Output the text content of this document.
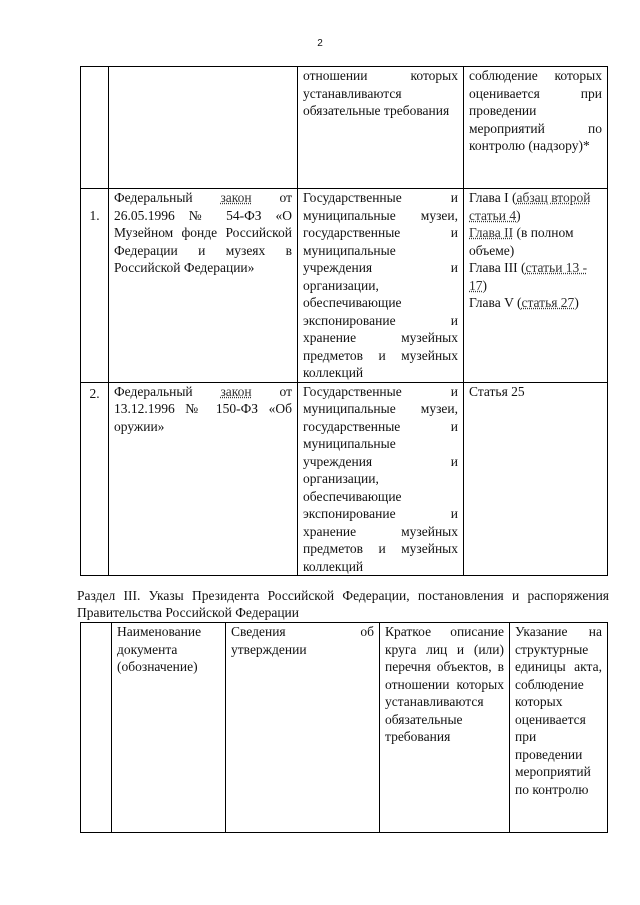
2
		отношении которых устанавливаются обязательные требования	соблюдение которых оценивается при проведении мероприятий по контролю (надзору)*
1.	Федеральный закон от 26.05.1996 № 54-ФЗ «О Музейном фонде Российской Федерации и музеях в Российской Федерации»	Государственные и муниципальные музеи, государственные и муниципальные учреждения и организации, обеспечивающие экспонирование и хранение музейных предметов и музейных коллекций	Глава I (абзац второй статьи 4)
Глава II (в полном объеме)
Глава III (статьи 13 - 17)
Глава V (статья 27)

2.	Федеральный закон от 13.12.1996 № 150-ФЗ «Об оружии»	Государственные и муниципальные музеи, государственные и муниципальные учреждения и организации, обеспечивающие экспонирование и хранение музейных предметов и музейных коллекций	Статья 25
Раздел III. Указы Президента Российской Федерации, постановления и распоряжения Правительства Российской Федерации
	Наименование документа (обозначение)	Сведения об утверждении	Краткое описание круга лиц и (или) перечня объектов, в отношении которых устанавливаются обязательные требования	Указание на структурные единицы акта, соблюдение которых оценивается при проведении мероприятий по контролю
